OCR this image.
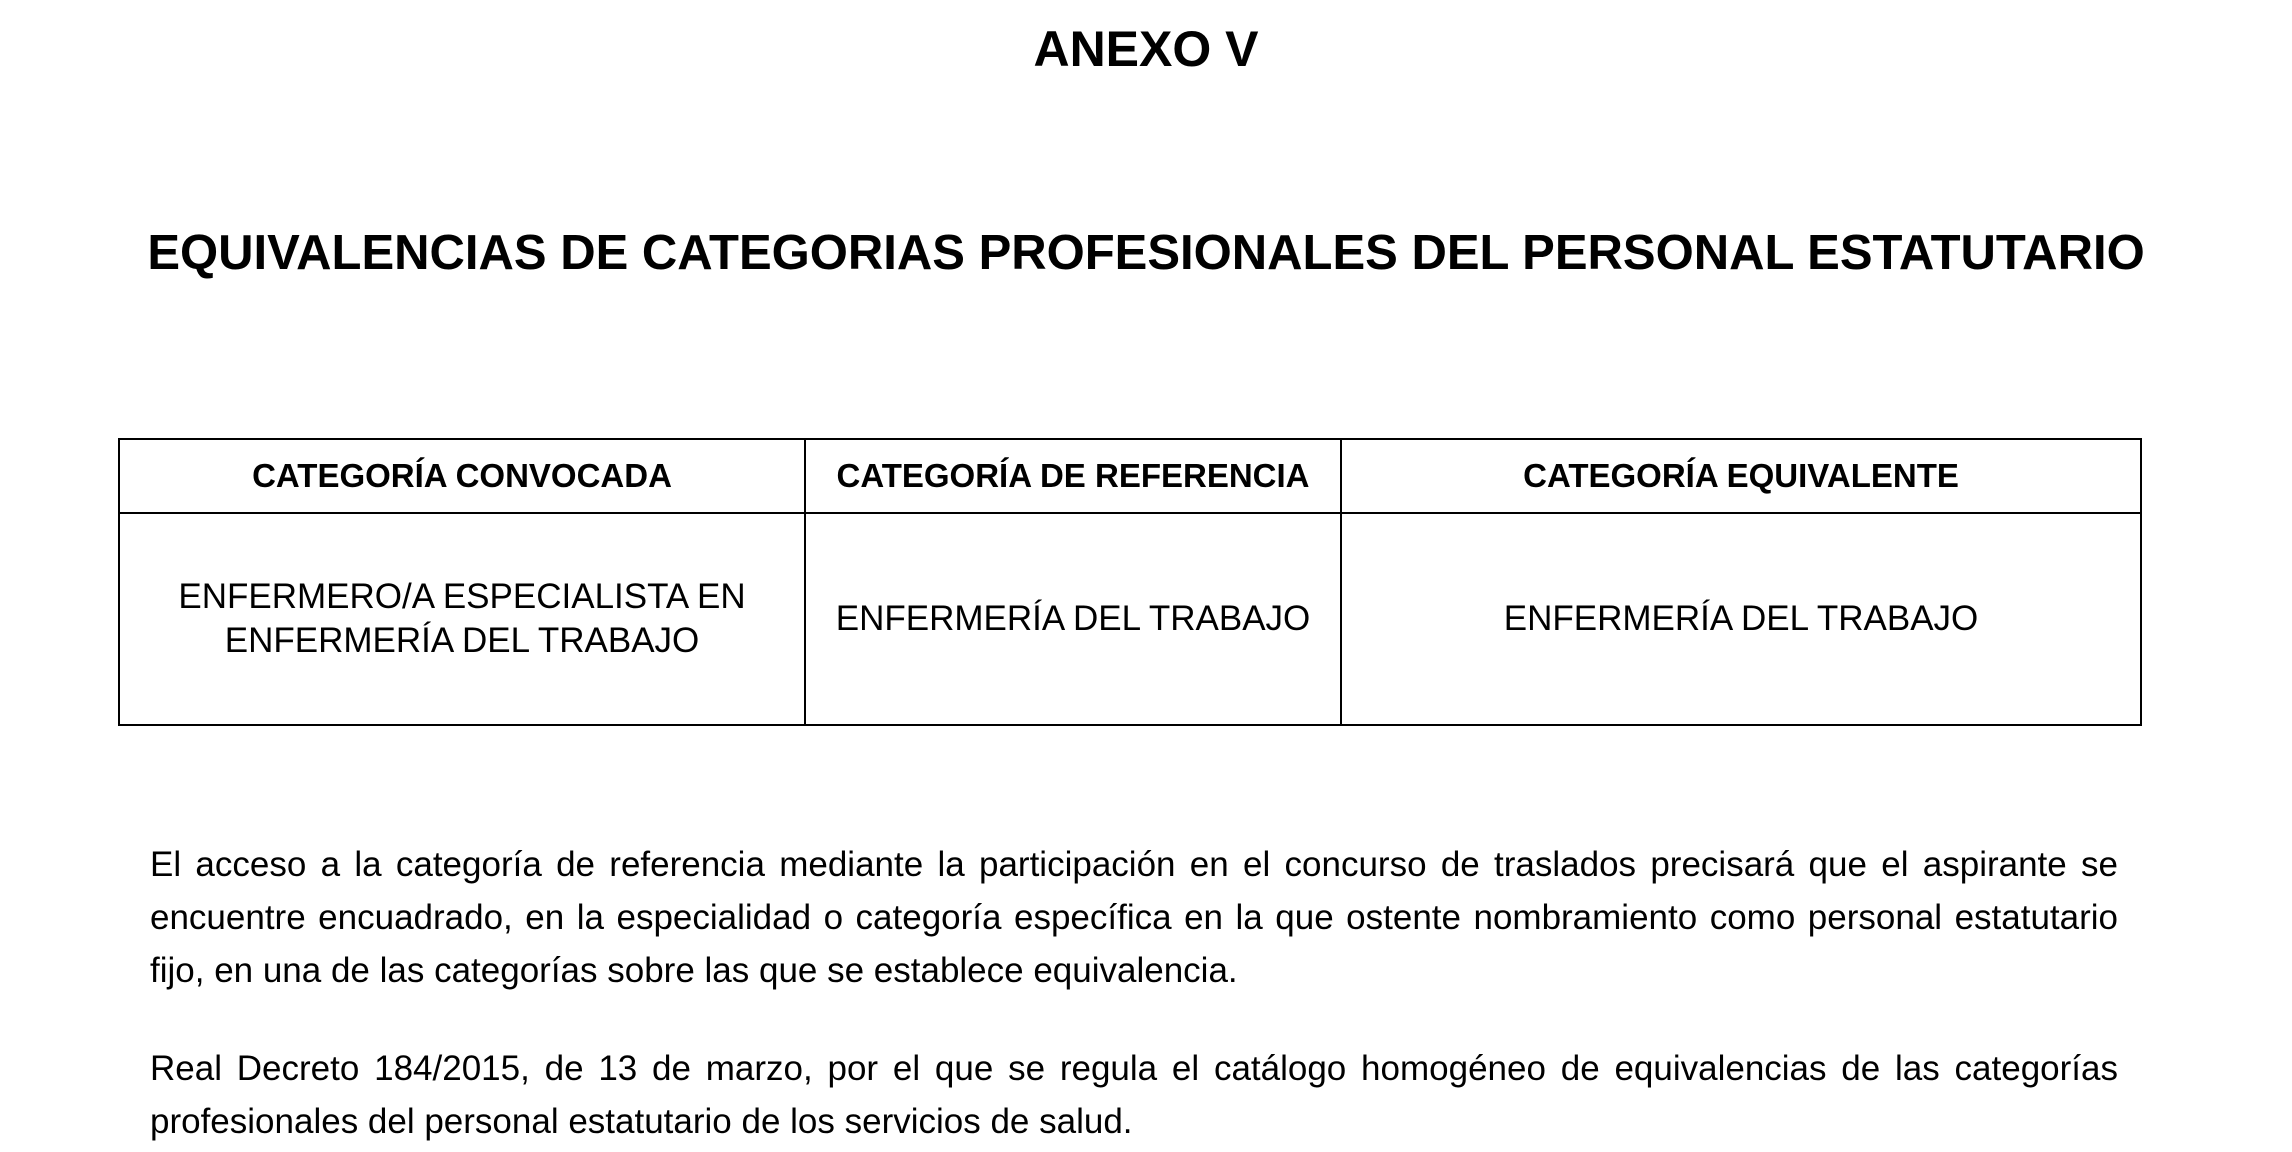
ANEXO V
EQUIVALENCIAS DE CATEGORIAS PROFESIONALES DEL PERSONAL ESTATUTARIO
CATEGORÍA CONVOCADA	CATEGORÍA DE REFERENCIA	CATEGORÍA EQUIVALENTE

ENFERMERO/A ESPECIALISTA EN
ENFERMERÍA DEL TRABAJO	ENFERMERÍA DEL TRABAJO	ENFERMERÍA DEL TRABAJO

El acceso a la categoría de referencia mediante la participación en el concurso de traslados precisará que el aspirante se encuentre encuadrado, en la especialidad o categoría específica en la que ostente nombramiento como personal estatutario fijo, en una de las categorías sobre las que se establece equivalencia.

Real Decreto 184/2015, de 13 de marzo, por el que se regula el catálogo homogéneo de equivalencias de las categorías profesionales del personal estatutario de los servicios de salud.
